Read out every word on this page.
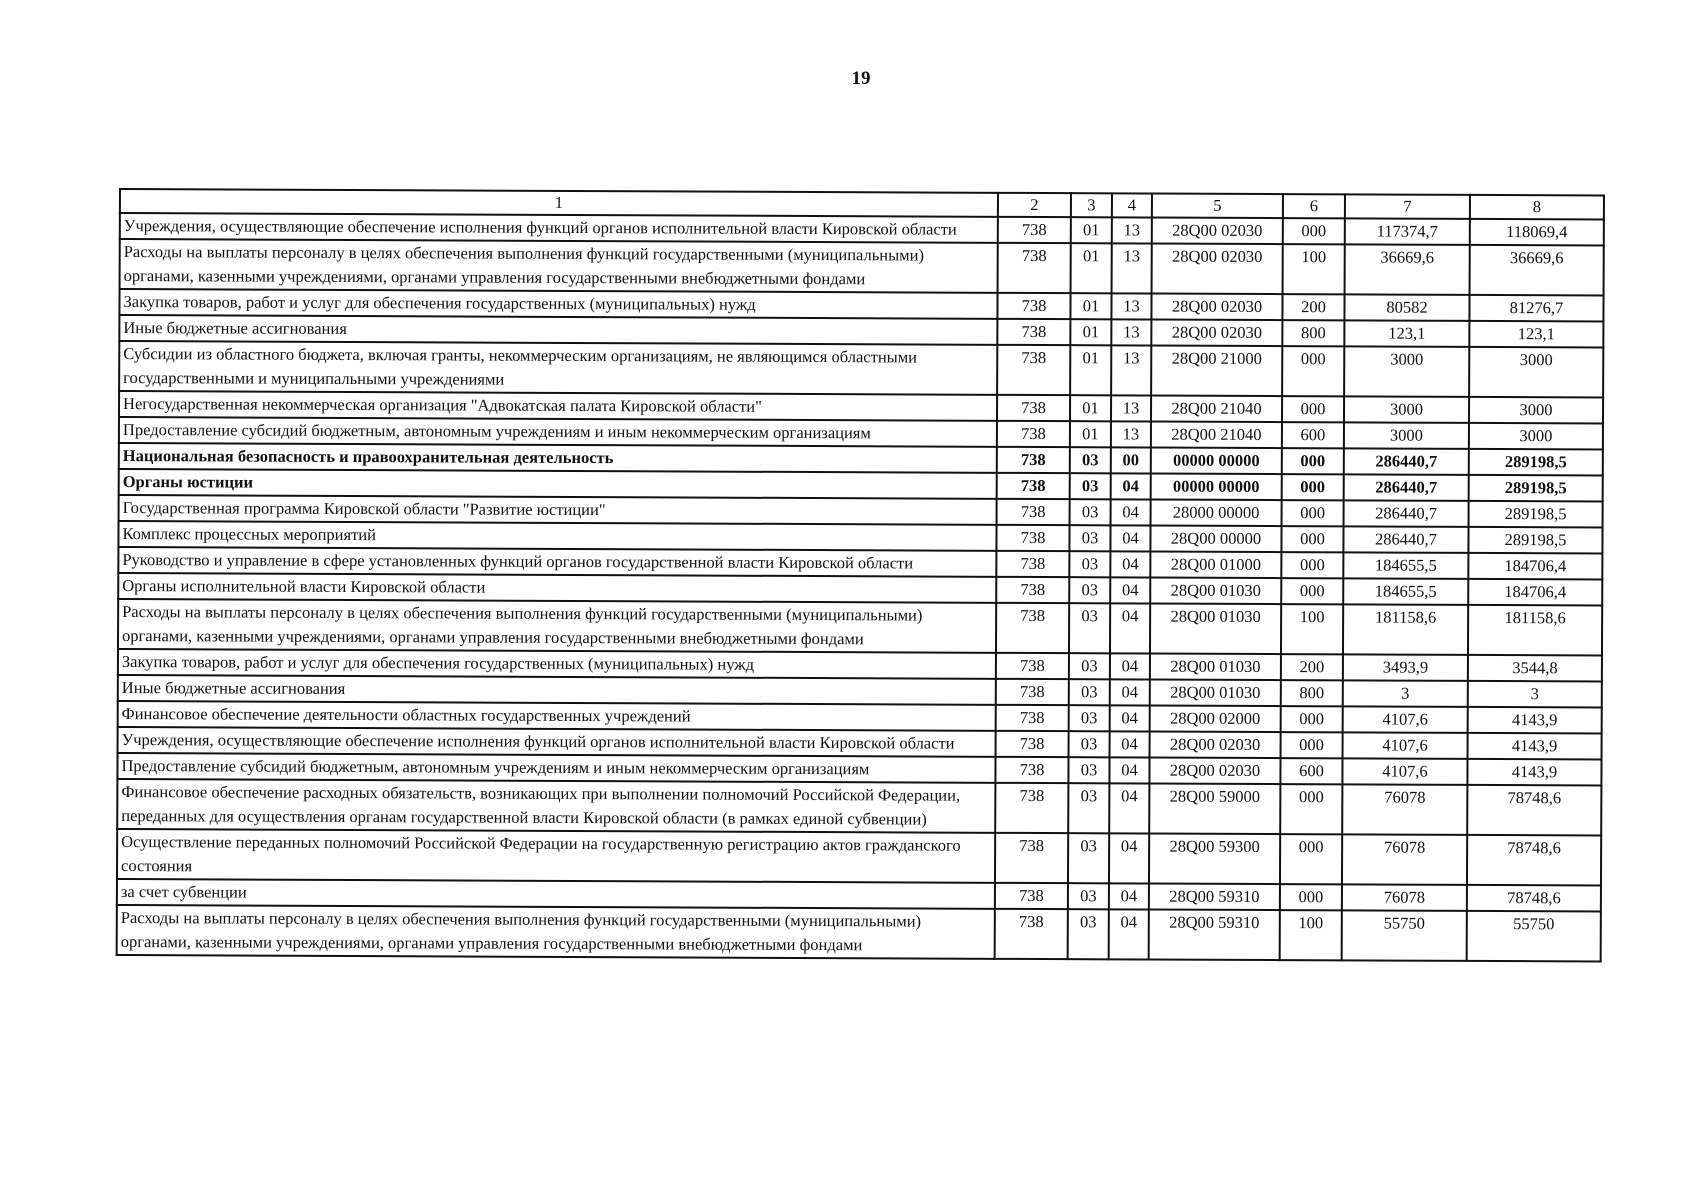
19
1	2	3	4	5	6	7	8
Учреждения, осуществляющие обеспечение исполнения функций органов исполнительной власти Кировской области	738	01	13	28Q00 02030	000	117374,7	118069,4
Расходы на выплаты персоналу в целях обеспечения выполнения функций государственными (муниципальными) органами, казенными учреждениями, органами управления государственными внебюджетными фондами	738	01	13	28Q00 02030	100	36669,6	36669,6
Закупка товаров, работ и услуг для обеспечения государственных (муниципальных) нужд	738	01	13	28Q00 02030	200	80582	81276,7
Иные бюджетные ассигнования	738	01	13	28Q00 02030	800	123,1	123,1
Субсидии из областного бюджета, включая гранты, некоммерческим организациям, не являющимся областными государственными и муниципальными учреждениями	738	01	13	28Q00 21000	000	3000	3000
Негосударственная некоммерческая организация "Адвокатская палата Кировской области"	738	01	13	28Q00 21040	000	3000	3000
Предоставление субсидий бюджетным, автономным учреждениям и иным некоммерческим организациям	738	01	13	28Q00 21040	600	3000	3000
Национальная безопасность и правоохранительная деятельность	738	03	00	00000 00000	000	286440,7	289198,5
Органы юстиции	738	03	04	00000 00000	000	286440,7	289198,5
Государственная программа Кировской области "Развитие юстиции"	738	03	04	28000 00000	000	286440,7	289198,5
Комплекс процессных мероприятий	738	03	04	28Q00 00000	000	286440,7	289198,5
Руководство и управление в сфере установленных функций органов государственной власти Кировской области	738	03	04	28Q00 01000	000	184655,5	184706,4
Органы исполнительной власти Кировской области	738	03	04	28Q00 01030	000	184655,5	184706,4
Расходы на выплаты персоналу в целях обеспечения выполнения функций государственными (муниципальными) органами, казенными учреждениями, органами управления государственными внебюджетными фондами	738	03	04	28Q00 01030	100	181158,6	181158,6
Закупка товаров, работ и услуг для обеспечения государственных (муниципальных) нужд	738	03	04	28Q00 01030	200	3493,9	3544,8
Иные бюджетные ассигнования	738	03	04	28Q00 01030	800	3	3
Финансовое обеспечение деятельности областных государственных учреждений	738	03	04	28Q00 02000	000	4107,6	4143,9
Учреждения, осуществляющие обеспечение исполнения функций органов исполнительной власти Кировской области	738	03	04	28Q00 02030	000	4107,6	4143,9
Предоставление субсидий бюджетным, автономным учреждениям и иным некоммерческим организациям	738	03	04	28Q00 02030	600	4107,6	4143,9
Финансовое обеспечение расходных обязательств, возникающих при выполнении полномочий Российской Федерации, переданных для осуществления органам государственной власти Кировской области (в рамках единой субвенции)	738	03	04	28Q00 59000	000	76078	78748,6
Осуществление переданных полномочий Российской Федерации на государственную регистрацию актов гражданского состояния	738	03	04	28Q00 59300	000	76078	78748,6
за счет субвенции	738	03	04	28Q00 59310	000	76078	78748,6
Расходы на выплаты персоналу в целях обеспечения выполнения функций государственными (муниципальными) органами, казенными учреждениями, органами управления государственными внебюджетными фондами	738	03	04	28Q00 59310	100	55750	55750
